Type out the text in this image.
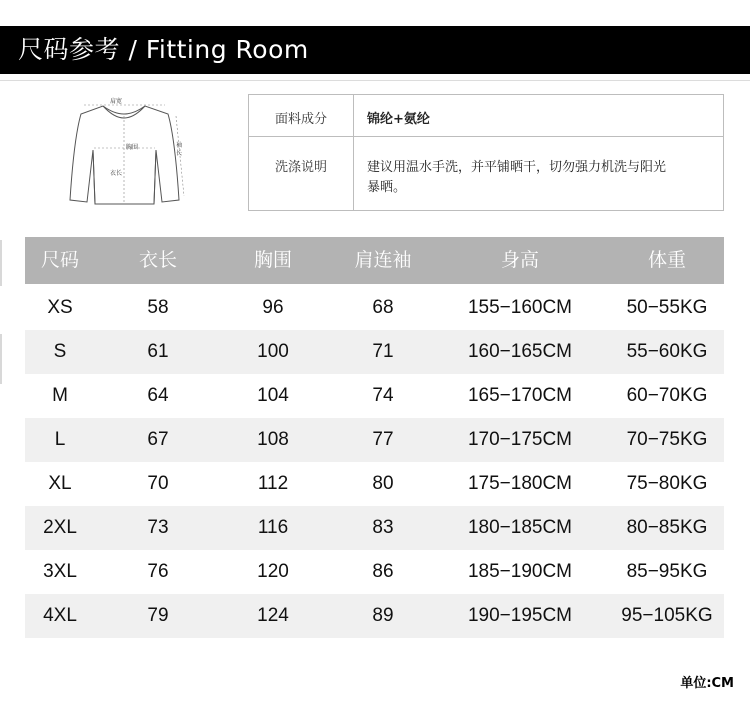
尺码参考 / Fitting Room
肩宽
胸围
衣长
袖长
面料成分	锦纶+氨纶
洗涤说明	建议用温水手洗，并平铺晒干，切勿强力机洗与阳光
暴晒。
尺码	衣长	胸围	肩连袖	身高	体重
XS	58	96	68	155−160CM	50−55KG
S	61	100	71	160−165CM	55−60KG
M	64	104	74	165−170CM	60−70KG
L	67	108	77	170−175CM	70−75KG
XL	70	112	80	175−180CM	75−80KG
2XL	73	116	83	180−185CM	80−85KG
3XL	76	120	86	185−190CM	85−95KG
4XL	79	124	89	190−195CM	95−105KG
单位:CM
